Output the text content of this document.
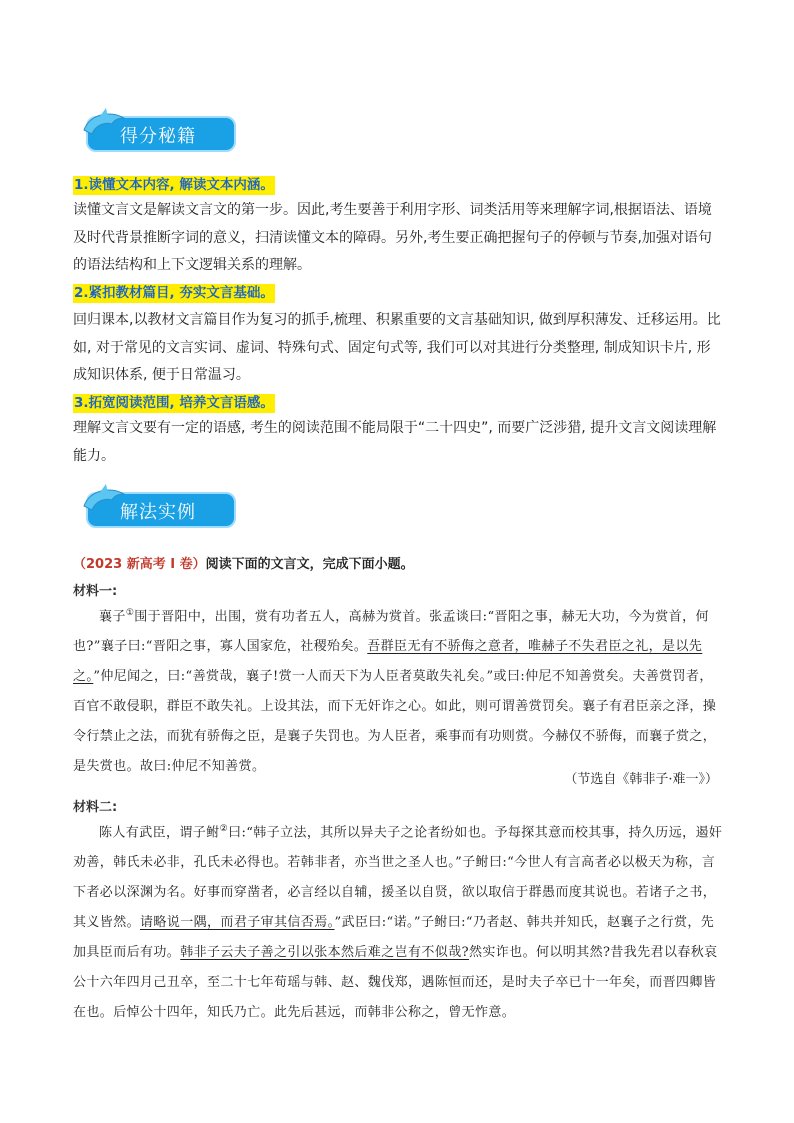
得分秘籍
1.读懂文本内容, 解读文本内涵。
读懂文言文是解读文言文的第一步。因此,考生要善于利用字形、词类活用等来理解字词,根据语法、语境及时代背景推断字词的意义，扫清读懂文本的障碍。另外,考生要正确把握句子的停顿与节奏,加强对语句的语法结构和上下文逻辑关系的理解。
2.紧扣教材篇目, 夯实文言基础。
回归课本,以教材文言篇目作为复习的抓手,梳理、积累重要的文言基础知识, 做到厚积薄发、迁移运用。比如, 对于常见的文言实词、虚词、特殊句式、固定句式等, 我们可以对其进行分类整理, 制成知识卡片, 形成知识体系, 便于日常温习。
3.拓宽阅读范围, 培养文言语感。
理解文言文要有一定的语感, 考生的阅读范围不能局限于“二十四史”, 而要广泛涉猎, 提升文言文阅读理解能力。
解法实例
（2023 新高考 I 卷）阅读下面的文言文，完成下面小题。
材料一:

襄子①围于晋阳中，出围，赏有功者五人，高赫为赏首。张孟谈曰:“晋阳之事，赫无大功，今为赏首，何也?”襄子曰:“晋阳之事，寡人国家危，社稷殆矣。吾群臣无有不骄侮之意者，唯赫子不失君臣之礼，是以先之。”仲尼闻之，曰:“善赏哉，襄子!赏一人而天下为人臣者莫敢失礼矣。”或曰:仲尼不知善赏矣。夫善赏罚者，百官不敢侵职，群臣不敢失礼。上设其法，而下无奸诈之心。如此，则可谓善赏罚矣。襄子有君臣亲之泽，操令行禁止之法，而犹有骄侮之臣，是襄子失罚也。为人臣者，乘事而有功则赏。今赫仅不骄侮，而襄子赏之，是失赏也。故曰:仲尼不知善赏。

（节选自《韩非子·难一》）
材料二:

陈人有武臣，谓子鲋②曰:“韩子立法，其所以异夫子之论者纷如也。予每探其意而校其事，持久历远，遏奸劝善，韩氏未必非，孔氏未必得也。若韩非者，亦当世之圣人也。”子鲋曰:“今世人有言高者必以极天为称，言下者必以深渊为名。好事而穿凿者，必言经以自辅，援圣以自贤，欲以取信于群愚而度其说也。若诸子之书，其义皆然。请略说一隅，而君子审其信否焉。”武臣曰:“诺。”子鲋曰:“乃者赵、韩共并知氏，赵襄子之行赏，先加具臣而后有功。韩非子云夫子善之引以张本然后难之岂有不似哉?然实诈也。何以明其然?昔我先君以春秋哀公十六年四月己丑卒，至二十七年荀瑶与韩、赵、魏伐郑，遇陈恒而还，是时夫子卒已十一年矣，而晋四卿皆在也。后悼公十四年，知氏乃亡。此先后甚远，而韩非公称之，曾无怍意。
